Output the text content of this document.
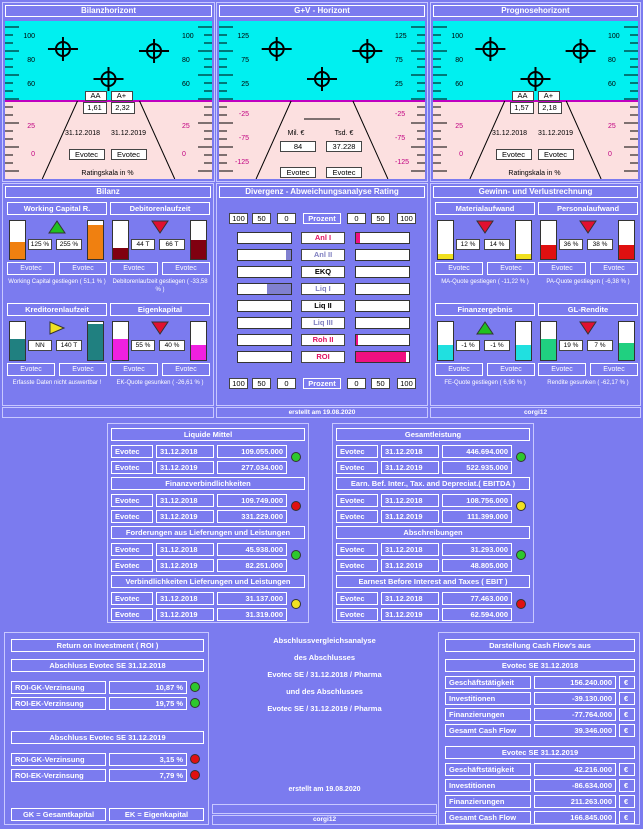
Bilanzhorizont
100	100
80	80
60	60
25	25
0	0
AA	A+
1,61	2,32
31.12.2018	31.12.2019
Evotec	Evotec
Ratingskala in %
G+V - Horizont
125	125
75	75
25	25
-25	-25
-75	-75
-125	-125
Mil. €	Tsd. €
84	37.228
Evotec	Evotec
Prognosehorizont
100	100
80	80
60	60
25	25
0	0
AA	A+
1,57	2,18
31.12.2018	31.12.2019
Evotec	Evotec
Ratingskala in %
Bilanz
Working Capital R.
125 %	255 %
Evotec	Evotec
Working Capital gestiegen ( 51,1 % )
Debitorenlaufzeit
44 T	66 T
Evotec	Evotec
Debitorenlaufzeit gestiegen ( -33,58 % )
Kreditorenlaufzeit
NN	140 T
Evotec	Evotec
Erfasste Daten nicht auswertbar !
Eigenkapital
55 %	40 %
Evotec	Evotec
EK-Quote gesunken ( -26,61 % )
Divergenz - Abweichungsanalyse Rating
100	50	0	Prozent	0	50	100
Anl I
Anl II
EKQ
Liq I
Liq II
Liq III
Roh II
ROI
100	50	0	Prozent	0	50	100
Gewinn- und Verlustrechnung
Materialaufwand
12 %	14 %
Evotec	Evotec
MA-Quote gestiegen ( -11,22 % )
Personalaufwand
36 %	38 %
Evotec	Evotec
PA-Quote gestiegen ( -6,38 % )
Finanzergebnis
-1 %	-1 %
Evotec	Evotec
FE-Quote gestiegen ( 6,96 % )
GL-Rendite
19 %	7 %
Evotec	Evotec
Rendite gesunken ( -62,17 % )
erstellt am 19.08.2020	corgi12
Liquide Mittel
Evotec	31.12.2018	109.055.000
Evotec	31.12.2019	277.034.000
Finanzverbindlichkeiten
Evotec	31.12.2018	109.749.000
Evotec	31.12.2019	331.229.000
Forderungen aus Lieferungen und Leistungen
Evotec	31.12.2018	45.938.000
Evotec	31.12.2019	82.251.000
Verbindlichkeiten Lieferungen und Leistungen
Evotec	31.12.2018	31.137.000
Evotec	31.12.2019	31.319.000
Gesamtleistung
Evotec	31.12.2018	446.694.000
Evotec	31.12.2019	522.935.000
Earn. Bef. Inter., Tax. and Depreciat.( EBITDA )
Evotec	31.12.2018	108.756.000
Evotec	31.12.2019	111.399.000
Abschreibungen
Evotec	31.12.2018	31.293.000
Evotec	31.12.2019	48.805.000
Earnest Before Interest and Taxes ( EBIT )
Evotec	31.12.2018	77.463.000
Evotec	31.12.2019	62.594.000
Return on Investment ( ROI )
Abschluss Evotec SE 31.12.2018
ROI-GK-Verzinsung	10,87 %
ROI-EK-Verzinsung	19,75 %
Abschluss Evotec SE 31.12.2019
ROI-GK-Verzinsung	3,15 %
ROI-EK-Verzinsung	7,79 %
GK = Gesamtkapital	EK = Eigenkapital
Abschlussvergleichsanalyse
des Abschlusses
Evotec SE / 31.12.2018 / Pharma
und des Abschlusses
Evotec SE / 31.12.2019 / Pharma
erstellt am 19.08.2020
corgi12
Darstellung Cash Flow's aus
Evotec SE 31.12.2018
Geschäftstätigkeit	156.240.000	€
Investitionen	-39.130.000	€
Finanzierungen	-77.764.000	€
Gesamt Cash Flow	39.346.000	€
Evotec SE 31.12.2019
Geschäftstätigkeit	42.216.000	€
Investitionen	-86.634.000	€
Finanzierungen	211.263.000	€
Gesamt Cash Flow	166.845.000	€
